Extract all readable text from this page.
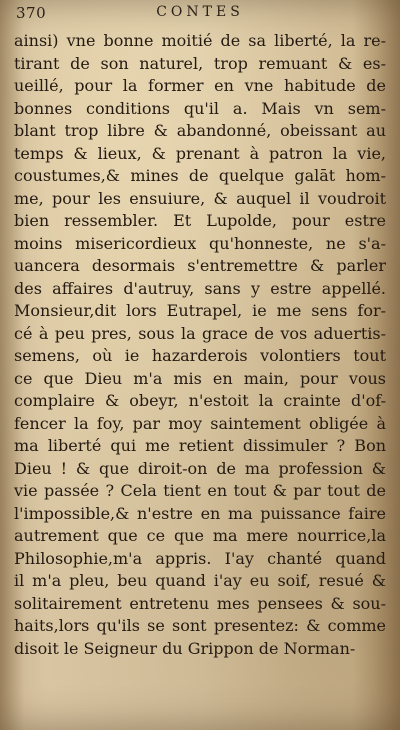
370	CONTES
ainsi) vne bonne moitié de sa liberté, la re-
tirant de son naturel, trop remuant & es-
ueillé, pour la former en vne habitude de
bonnes conditions qu'il a. Mais vn sem-
blant trop libre & abandonné, obeissant au
temps & lieux, & prenant à patron la vie,
coustumes,& mines de quelque galāt hom-
me, pour les ensuiure, & auquel il voudroit
bien ressembler. Et Lupolde, pour estre
moins misericordieux qu'honneste, ne s'a-
uancera desormais s'entremettre & parler
des affaires d'autruy, sans y estre appellé.
Monsieur,dit lors Eutrapel, ie me sens for-
cé à peu pres, sous la grace de vos aduertis-
semens, où ie hazarderois volontiers tout
ce que Dieu m'a mis en main, pour vous
complaire & obeyr, n'estoit la crainte d'of-
fencer la foy, par moy saintement obligée à
ma liberté qui me retient dissimuler ? Bon
Dieu ! & que diroit-on de ma profession &
vie passée ? Cela tient en tout & par tout de
l'impossible,& n'estre en ma puissance faire
autrement que ce que ma mere nourrice,la
Philosophie,m'a appris. I'ay chanté quand
il m'a pleu, beu quand i'ay eu soif, resué &
solitairement entretenu mes pensees & sou-
haits,lors qu'ils se sont presentez: & comme
disoit le Seigneur du Grippon de Norman-
